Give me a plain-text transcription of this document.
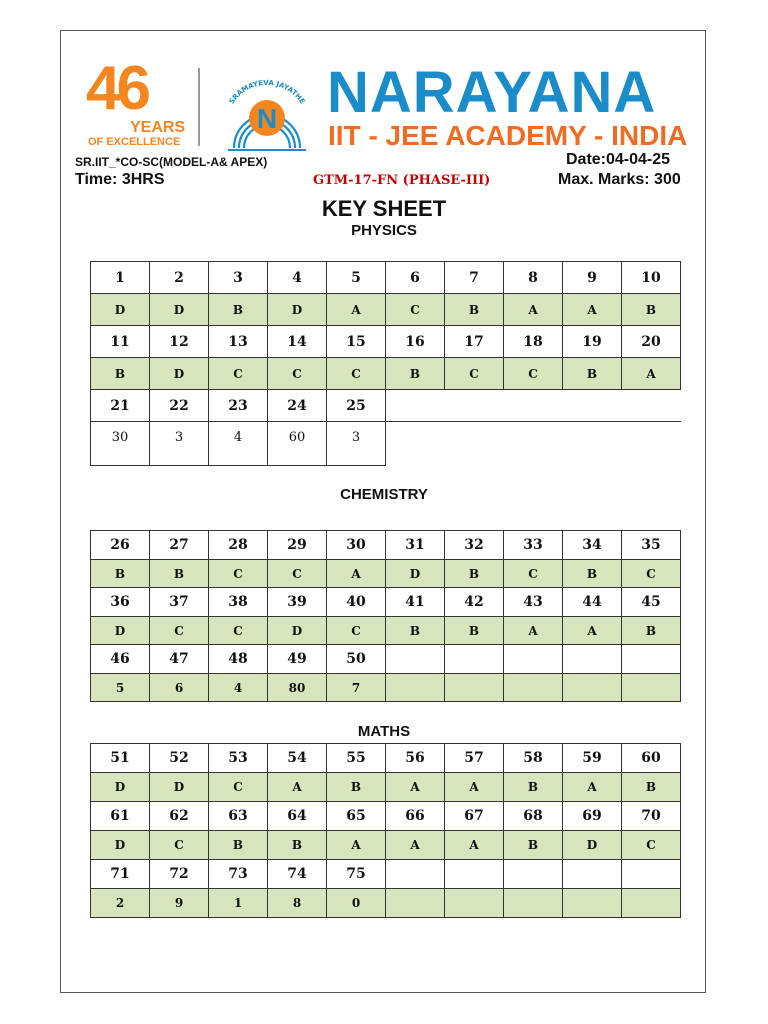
46
YEARS
OF EXCELLENCE
SRAMAYEVA JAYATHE
N NARAYANA
IIT - JEE ACADEMY - INDIA
SR.IIT_*CO-SC(MODEL-A& APEX)	Date:04-04-25
Time: 3HRS	GTM-17-FN (PHASE-III)	Max. Marks: 300
KEY SHEET
PHYSICS
CHEMISTRY
MATHS
1	2	3	4	5	6	7	8	9	10
D	D	B	D	A	C	B	A	A	B
11	12	13	14	15	16	17	18	19	20
B	D	C	C	C	B	C	C	B	A
21	22	23	24	25					
30	3	4	60	3					
26	27	28	29	30	31	32	33	34	35
B	B	C	C	A	D	B	C	B	C
36	37	38	39	40	41	42	43	44	45
D	C	C	D	C	B	B	A	A	B
46	47	48	49	50					
5	6	4	80	7					
51	52	53	54	55	56	57	58	59	60
D	D	C	A	B	A	A	B	A	B
61	62	63	64	65	66	67	68	69	70
D	C	B	B	A	A	A	B	D	C
71	72	73	74	75					
2	9	1	8	0					
